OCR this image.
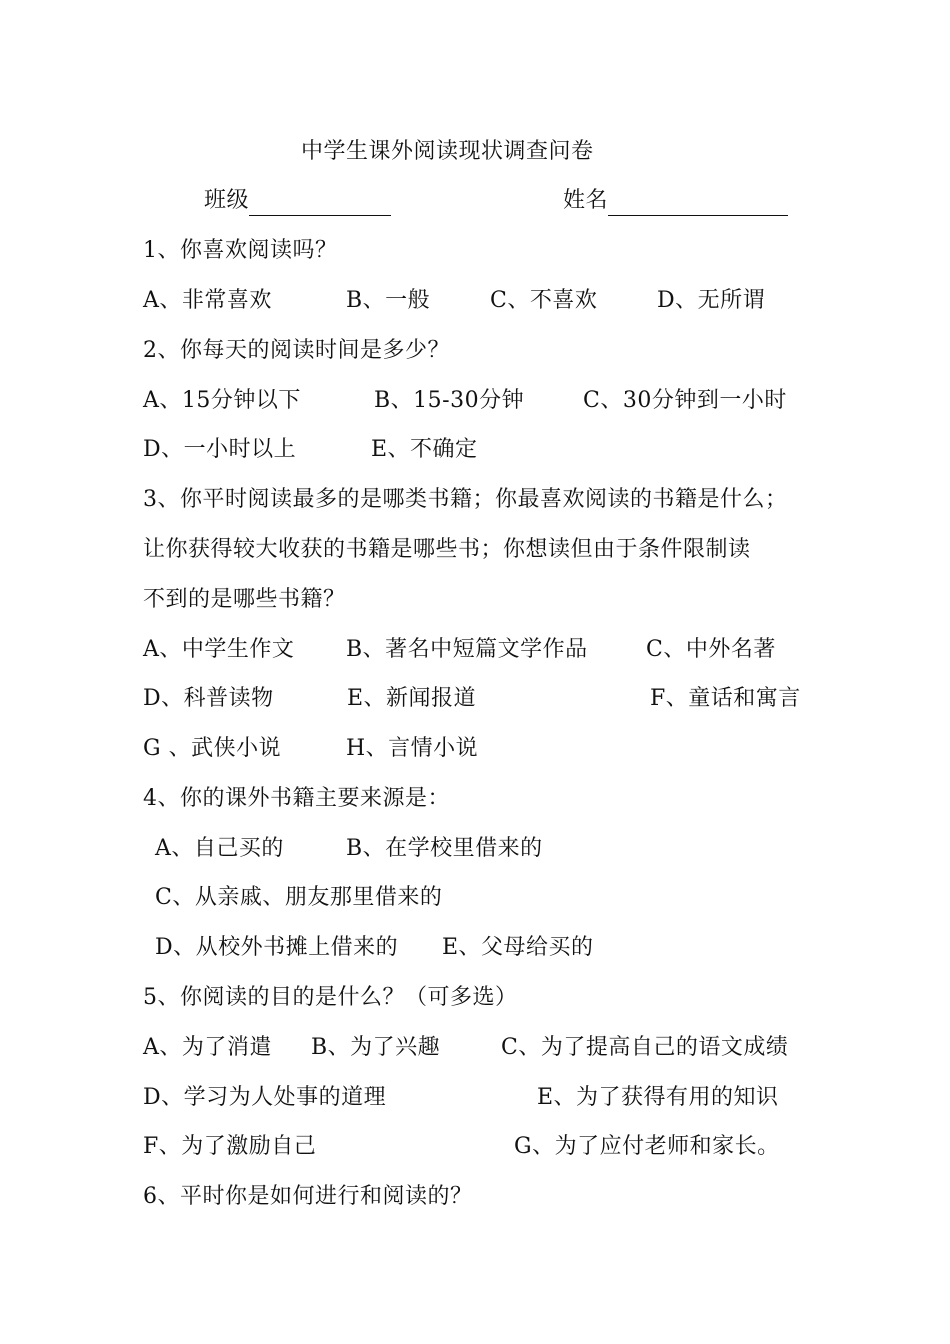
中学生课外阅读现状调查问卷
班级	姓名
1、你喜欢阅读吗？
A、非常喜欢	B、一般	C、不喜欢	D、无所谓
2、你每天的阅读时间是多少？
A、15分钟以下	B、15-30分钟	C、30分钟到一小时
D、一小时以上	E、不确定
3、你平时阅读最多的是哪类书籍；你最喜欢阅读的书籍是什么；
让你获得较大收获的书籍是哪些书；你想读但由于条件限制读
不到的是哪些书籍？
A、中学生作文 B、著名中短篇文学作品	C、中外名著
D、科普读物	E、新闻报道	F、童话和寓言
G 、武侠小说	H、言情小说
4、你的课外书籍主要来源是：
A、自己买的	B、在学校里借来的
C、从亲戚、朋友那里借来的
D、从校外书摊上借来的 E、父母给买的
5、你阅读的目的是什么？（可多选）
A、为了消遣 B、为了兴趣	C、为了提高自己的语文成绩
D、学习为人处事的道理	E、为了获得有用的知识
F、为了激励自己	G、为了应付老师和家长。
6、平时你是如何进行和阅读的？
